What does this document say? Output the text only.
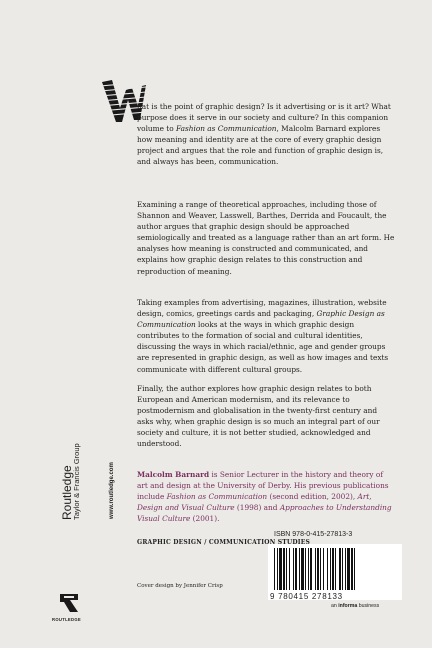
hat is the point of graphic design? Is it advertising or is it art? What purpose does it serve in our society and culture? In this companion volume to Fashion as Communication, Malcolm Barnard explores how meaning and identity are at the core of every graphic design project and argues that the role and function of graphic design is, and always has been, communication.

Examining a range of theoretical approaches, including those of Shannon and Weaver, Lasswell, Barthes, Derrida and Foucault, the author argues that graphic design should be approached semiologically and treated as a language rather than an art form. He analyses how meaning is constructed and communicated, and explains how graphic design relates to this construction and reproduction of meaning.

Taking examples from advertising, magazines, illustration, website design, comics, greetings cards and packaging, Graphic Design as Communication looks at the ways in which graphic design contributes to the formation of social and cultural identities, discussing the ways in which racial/ethnic, age and gender groups are represented in graphic design, as well as how images and texts communicate with different cultural groups.

Finally, the author explores how graphic design relates to both European and American modernism, and its relevance to postmodernism and globalisation in the twenty-first century and asks why, when graphic design is so much an integral part of our society and culture, it is not better studied, acknowledged and understood.

Malcolm Barnard is Senior Lecturer in the history and theory of art and design at the University of Derby. His previous publications include Fashion as Communication (second edition, 2002), Art, Design and Visual Culture (1998) and Approaches to Understanding Visual Culture (2001).

GRAPHIC DESIGN / COMMUNICATION STUDIES
ISBN 978-0-415-27813-3
9 780415 278133
an informa business
Cover design by Jennifer Crisp
Routledge
Taylor & Francis Group	www.routledge.com
ROUTLEDGE
